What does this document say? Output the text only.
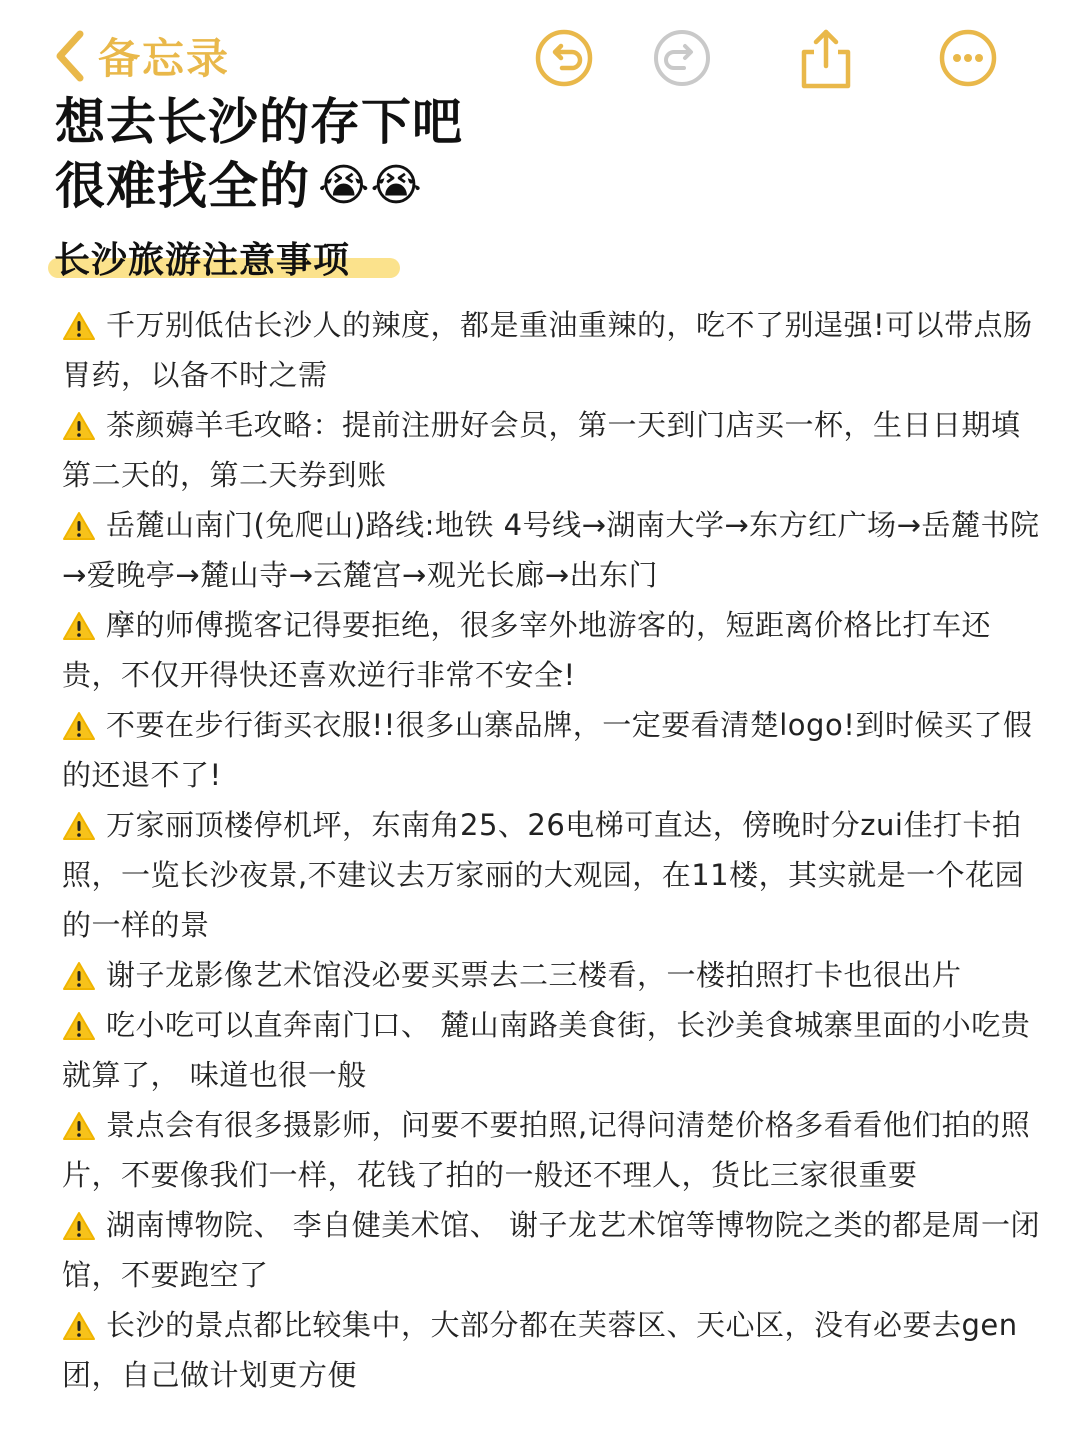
备忘录
想去长沙的存下吧
很难找全的 😭😭
长沙旅游注意事项
千万别低估长沙人的辣度，都是重油重辣的，吃不了别逞强!可以带点肠胃药，以备不时之需
茶颜薅羊毛攻略：提前注册好会员，第一天到门店买一杯，生日日期填第二天的，第二天券到账
岳麓山南门(免爬山)路线:地铁 4号线→湖南大学→东方红广场→岳麓书院→爱晚亭→麓山寺→云麓宫→观光长廊→出东门
摩的师傅揽客记得要拒绝，很多宰外地游客的，短距离价格比打车还贵，不仅开得快还喜欢逆行非常不安全!
不要在步行街买衣服!!很多山寨品牌，一定要看清楚logo!到时候买了假的还退不了!
万家丽顶楼停机坪，东南角25、26电梯可直达，傍晚时分zui佳打卡拍照，一览长沙夜景,不建议去万家丽的大观园，在11楼，其实就是一个花园的一样的景
谢子龙影像艺术馆没必要买票去二三楼看，一楼拍照打卡也很出片
吃小吃可以直奔南门口、 麓山南路美食街，长沙美食城寨里面的小吃贵就算了， 味道也很一般
景点会有很多摄影师，问要不要拍照,记得问清楚价格多看看他们拍的照片，不要像我们一样，花钱了拍的一般还不理人，货比三家很重要
湖南博物院、 李自健美术馆、 谢子龙艺术馆等博物院之类的都是周一闭馆，不要跑空了
长沙的景点都比较集中，大部分都在芙蓉区、天心区，没有必要去gen 团，自己做计划更方便
